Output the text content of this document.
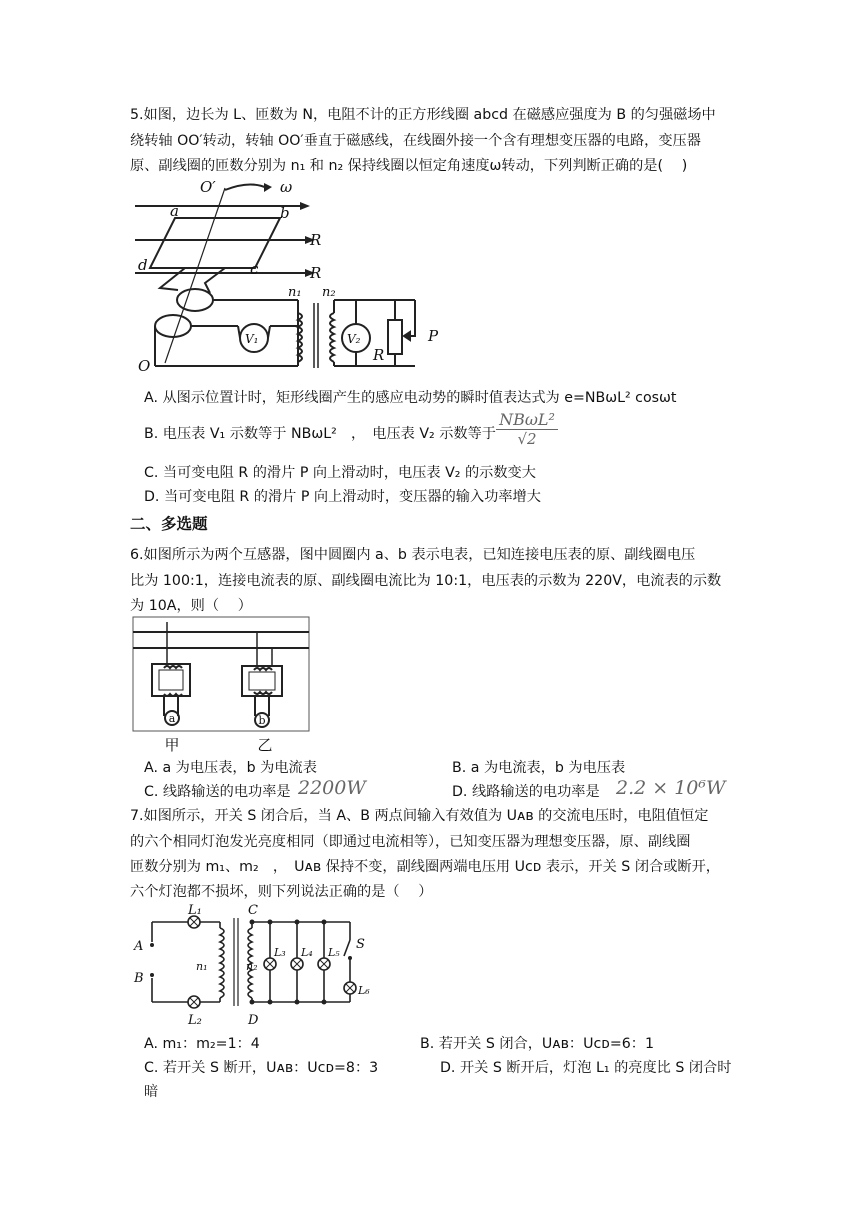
5.如图，边长为 L、匝数为 N，电阻不计的正方形线圈 abcd 在磁感应强度为 B 的匀强磁场中
绕转轴 OO′转动，转轴 OO′垂直于磁感线，在线圈外接一个含有理想变压器的电路，变压器
原、副线圈的匝数分别为 n₁ 和 n₂ 保持线圈以恒定角速度ω转动，下列判断正确的是(　 )
O′	ω
a	b
R
d	c	R
n₁ n₂
V₁	V₂
R
P
O
A. 从图示位置计时，矩形线圈产生的感应电动势的瞬时值表达式为 e=NBωL² cosωt
B. 电压表 V₁ 示数等于 NBωL²　，　电压表 V₂ 示数等于
NBωL²
√2
C. 当可变电阻 R 的滑片 P 向上滑动时，电压表 V₂ 的示数变大
D. 当可变电阻 R 的滑片 P 向上滑动时，变压器的输入功率增大
二、多选题
6.如图所示为两个互感器，图中圆圈内 a、b 表示电表，已知连接电压表的原、副线圈电压
比为 100:1，连接电流表的原、副线圈电流比为 10:1，电压表的示数为 220V，电流表的示数
为 10A，则（　 ）
a	b
甲	乙
A. a 为电压表，b 为电流表	B. a 为电流表，b 为电压表
C. 线路输送的电功率是 2200W	D. 线路输送的电功率是 2.2 × 10⁶W
7.如图所示，开关 S 闭合后，当 A、B 两点间输入有效值为 Uᴀʙ 的交流电压时，电阻值恒定
的六个相同灯泡发光亮度相同（即通过电流相等），已知变压器为理想变压器，原、副线圈
匝数分别为 m₁、m₂　，　Uᴀʙ 保持不变，副线圈两端电压用 Uᴄᴅ 表示，开关 S 闭合或断开，
六个灯泡都不损坏，则下列说法正确的是（　 ）
L₁	C
A
B
n₁	n₂
L₃ L₄ L₅
S
L₆
L₂	D
A. m₁：m₂=1：4	B. 若开关 S 闭合，Uᴀʙ：Uᴄᴅ=6：1
C. 若开关 S 断开，Uᴀʙ：Uᴄᴅ=8：3	D. 开关 S 断开后，灯泡 L₁ 的亮度比 S 闭合时
暗
